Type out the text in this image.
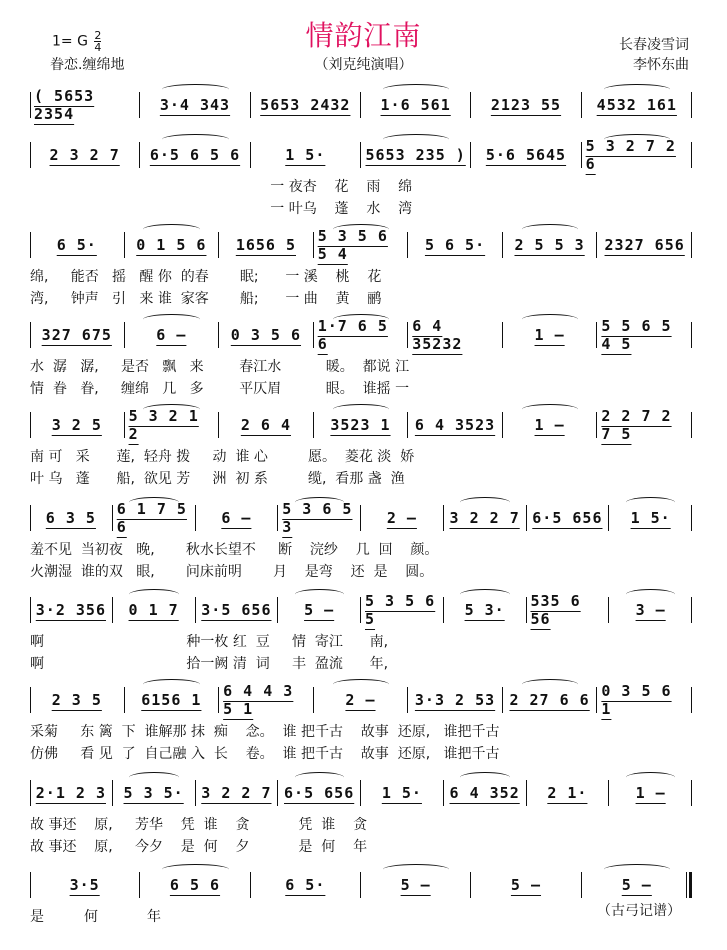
情韵江南
1= G $\frac{2}{4}$
眷恋.缠绵地	（刘克纯演唱）
长春凌雪词
李怀东曲
( 5653 2354	3·4 343 5653 2432 1·6 561	2123 55 4532 161
2 3 2 7 6·5 6 5 6	1 5·	5653 235 ) 5·6 5645 5 3 2 7 2 6
一 夜杏    花    雨    绵
一 叶乌    蓬    水    湾
6 5·	0 1 5 6 1656 5 5 3 5 6 5 4	5 6 5· 2 5 5 3 2327 656
绵,     能否   摇   醒 你  的春       眠;      一 溪    桃    花
湾,     钟声   引   来 谁  家客       船;      一 曲    黄    鹂
327 675	6 –	0 3 5 6 1·7 6 5 6
6 4 35232	1 – 5 5 6 5 4 5
水  潺   潺,     是否   飘   来        春江水          暖。  都说 江
情  眷   眷,     缠绵   几   多        平仄眉          眼。  谁摇 一
3 2 5 5 3 2 1 2	2 6 4	3523 1 6 4 3523	1 – 2 2 7 2 7 5
南 可   采      莲,  轻舟 拨     动  谁 心         愿。  菱花 淡  娇
叶 乌   蓬      船,  欲见 芳     洲  初 系         缆,  看那 盏  渔
6 3 5 6 1 7 5 6	6 – 5 3 6 5 3	2 – 3 2 2 7 6·5 656 1 5·
羞不见  当初夜   晚,       秋水长望不     断    浣纱    几  回    颜。
火潮湿  谁的双   眼,       问床前明       月    是弯    还  是    圆。
3·2 356 0 1 7 3·5 656 5 – 5 3 5 6 5	5 3· 535 6 56	3 –
啊                                种一枚 红  豆     情  寄江      南,
啊                                拾一阙 清  词     丰  盈流      年,
2 3 5	6156 1 6 4 4 3 5 1	2 –	3·3 2 53 2 27 6 6 0 3 5 6 1
采菊     东 篱  下  谁解那 抹  痴    念。  谁 把千古    故事  还原,   谁把千古
仿佛     看 见  了  自己融 入  长    卷。  谁 把千古    故事  还原,   谁把千古
2·1 2 3 5 3 5· 3 2 2 7 6·5 656 1 5· 6 4 352 2 1·	1 –
故 事还    原,     芳华    凭  谁    贪           凭  谁    贪
故 事还    原,     今夕    是  何    夕           是  何    年
3·5	6 5 6	6 5·	5 –	5 –	5 –
是         何           年	（古弓记谱）
